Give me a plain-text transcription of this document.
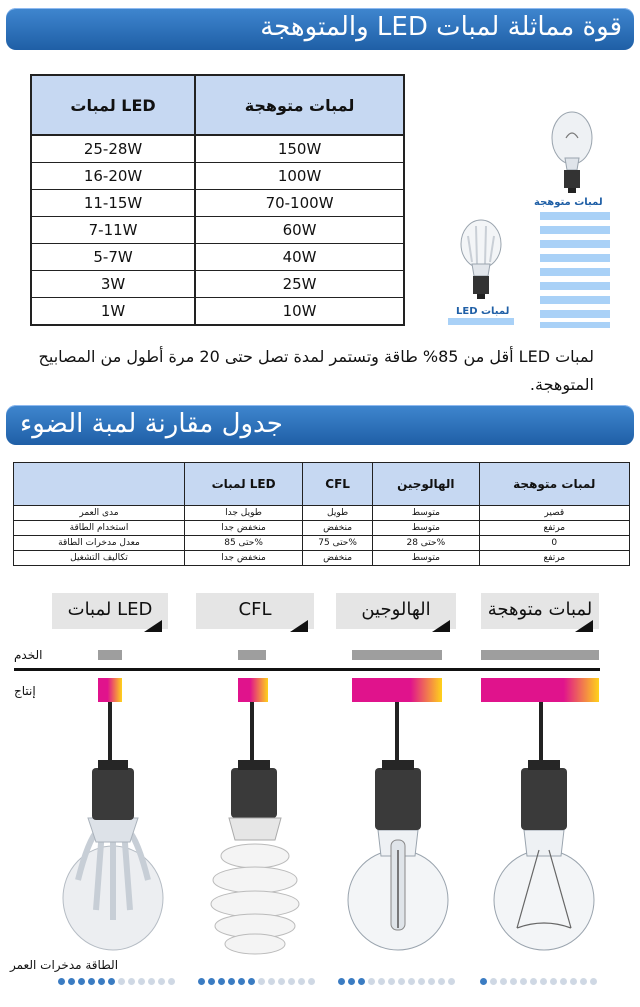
قوة مماثلة لمبات LED والمتوهجة
لمبات LED	لمبات متوهجة
25-28W	150W
16-20W	100W
11-15W	70-100W
7-11W	60W
5-7W	40W
3W	25W
1W	10W
لمبات متوهجة
لمبات LED
لمبات LED أقل من 85% طاقة وتستمر لمدة تصل حتى 20 مرة أطول من المصابيح المتوهجة.
جدول مقارنة لمبة الضوء
	لمبات LED	CFL	الهالوجين	لمبات متوهجة
مدى العمر	طويل جدا	طويل	متوسط	قصير
استخدام الطاقة	منخفض جدا	منخفض	متوسط	مرتفع
معدل مدخرات الطاقة	حتى 85%	حتى 75%	حتى 28%	0
تكاليف التشغيل	منخفض جدا	منخفض	متوسط	مرتفع
لمبات LED	CFL	الهالوجين	لمبات متوهجة
الخدم
إنتاج
الطاقة مدخرات العمر
